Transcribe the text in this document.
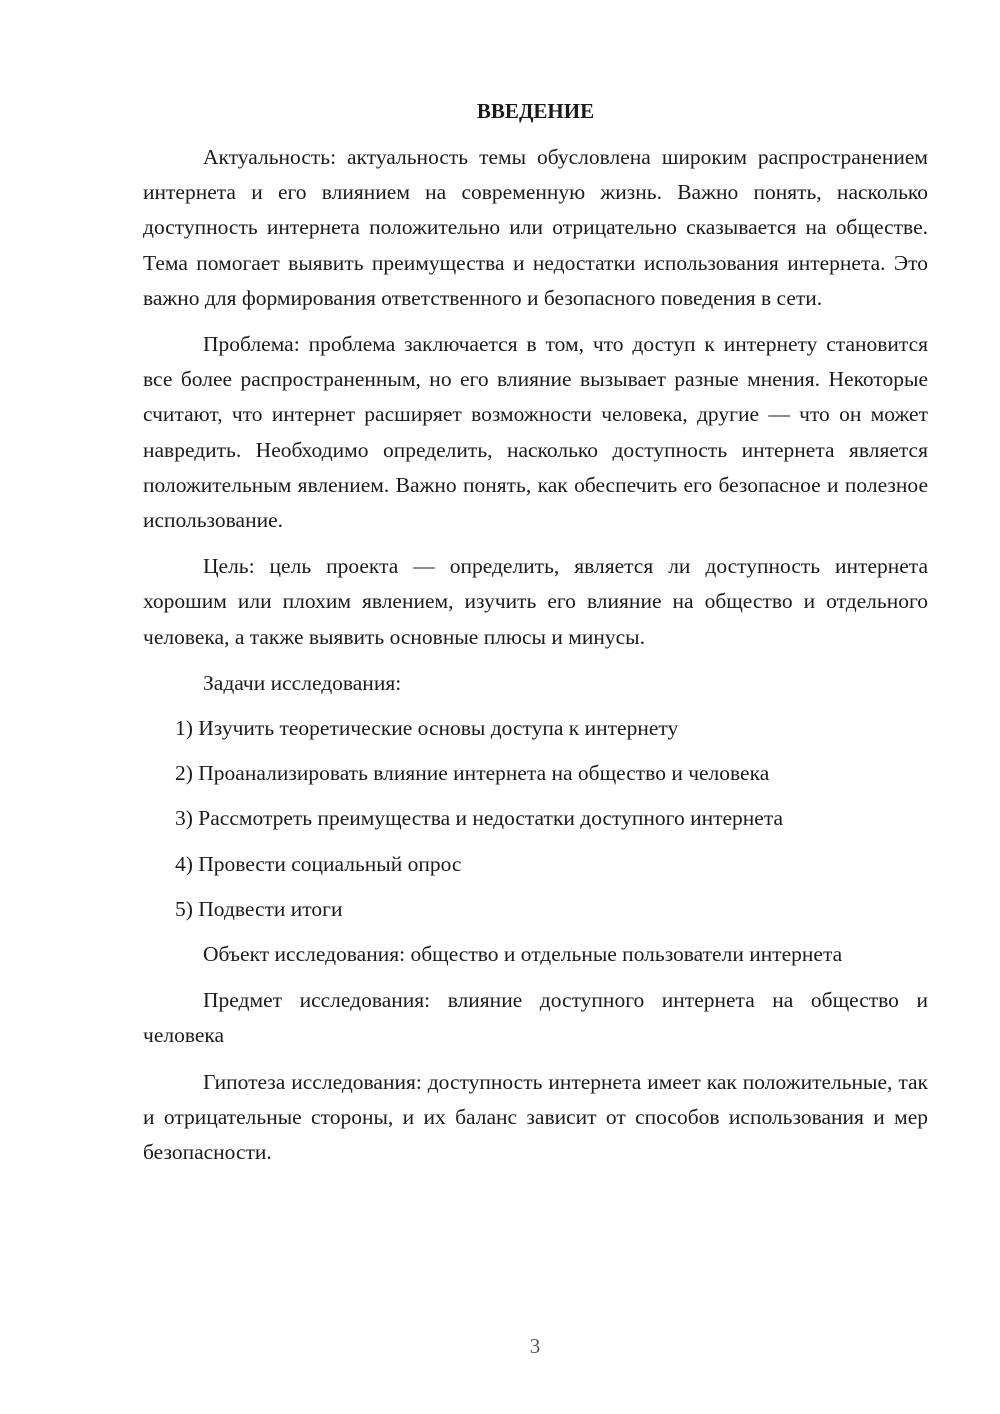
ВВЕДЕНИЕ

Актуальность: актуальность темы обусловлена широким распространением интернета и его влиянием на современную жизнь. Важно понять, насколько доступность интернета положительно или отрицательно сказывается на обществе. Тема помогает выявить преимущества и недостатки использования интернета. Это важно для формирования ответственного и безопасного поведения в сети.

Проблема: проблема заключается в том, что доступ к интернету становится все более распространенным, но его влияние вызывает разные мнения. Некоторые считают, что интернет расширяет возможности человека, другие — что он может навредить. Необходимо определить, насколько доступность интернета является положительным явлением. Важно понять, как обеспечить его безопасное и полезное использование.

Цель: цель проекта — определить, является ли доступность интернета хорошим или плохим явлением, изучить его влияние на общество и отдельного человека, а также выявить основные плюсы и минусы.

Задачи исследования:

1) Изучить теоретические основы доступа к интернету
2) Проанализировать влияние интернета на общество и человека
3) Рассмотреть преимущества и недостатки доступного интернета
4) Провести социальный опрос
5) Подвести итоги

Объект исследования: общество и отдельные пользователи интернета

Предмет исследования: влияние доступного интернета на общество и человека

Гипотеза исследования: доступность интернета имеет как положительные, так и отрицательные стороны, и их баланс зависит от способов использования и мер безопасности.

3
